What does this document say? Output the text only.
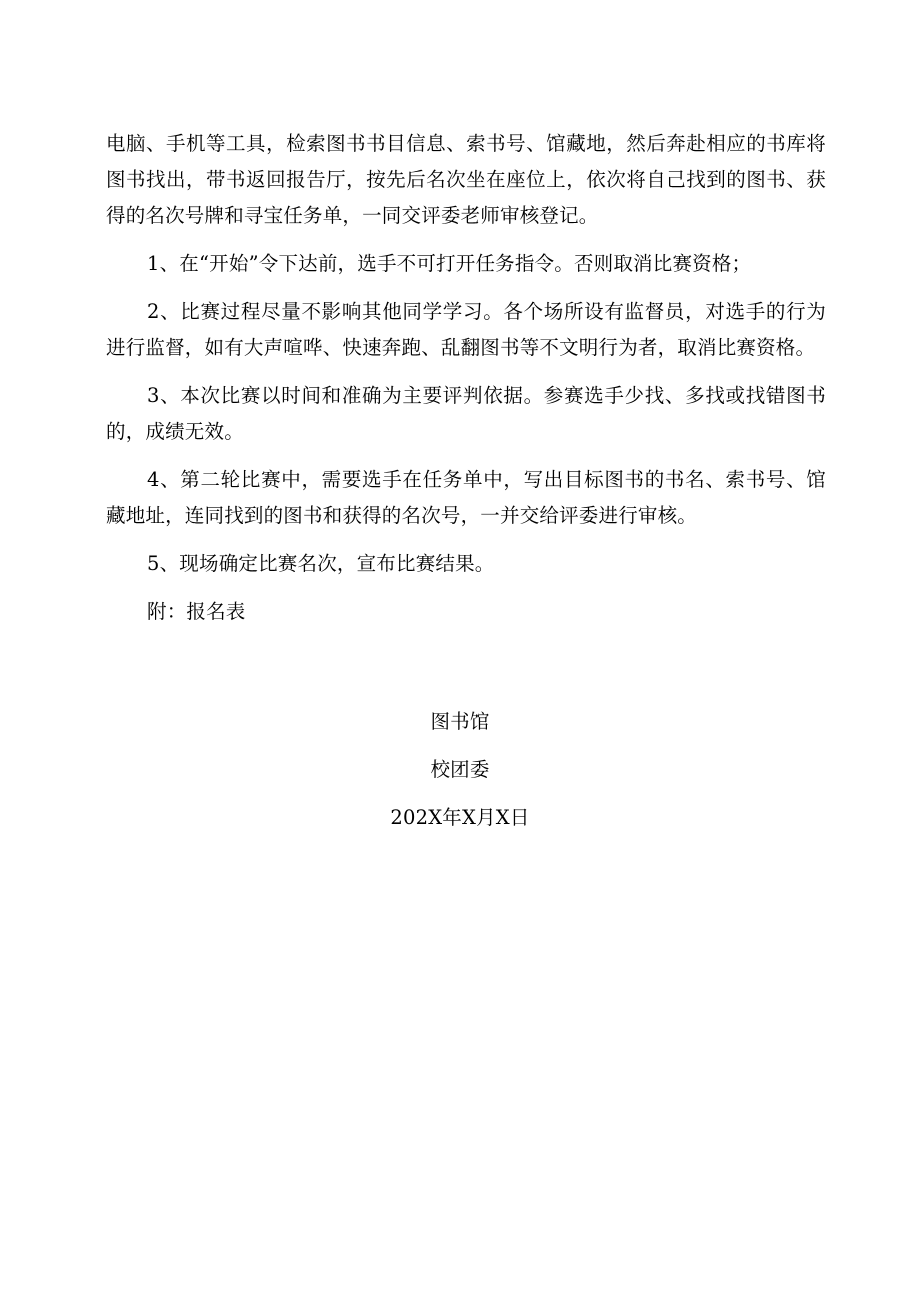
电脑、手机等工具，检索图书书目信息、索书号、馆藏地，然后奔赴相应的书库将图书找出，带书返回报告厅，按先后名次坐在座位上，依次将自己找到的图书、获得的名次号牌和寻宝任务单，一同交评委老师审核登记。

1、在“开始”令下达前，选手不可打开任务指令。否则取消比赛资格；

2、比赛过程尽量不影响其他同学学习。各个场所设有监督员，对选手的行为进行监督，如有大声喧哗、快速奔跑、乱翻图书等不文明行为者，取消比赛资格。

3、本次比赛以时间和准确为主要评判依据。参赛选手少找、多找或找错图书的，成绩无效。

4、第二轮比赛中，需要选手在任务单中，写出目标图书的书名、索书号、馆藏地址，连同找到的图书和获得的名次号，一并交给评委进行审核。

5、现场确定比赛名次，宣布比赛结果。

附：报名表

图书馆

校团委

202X年X月X日
